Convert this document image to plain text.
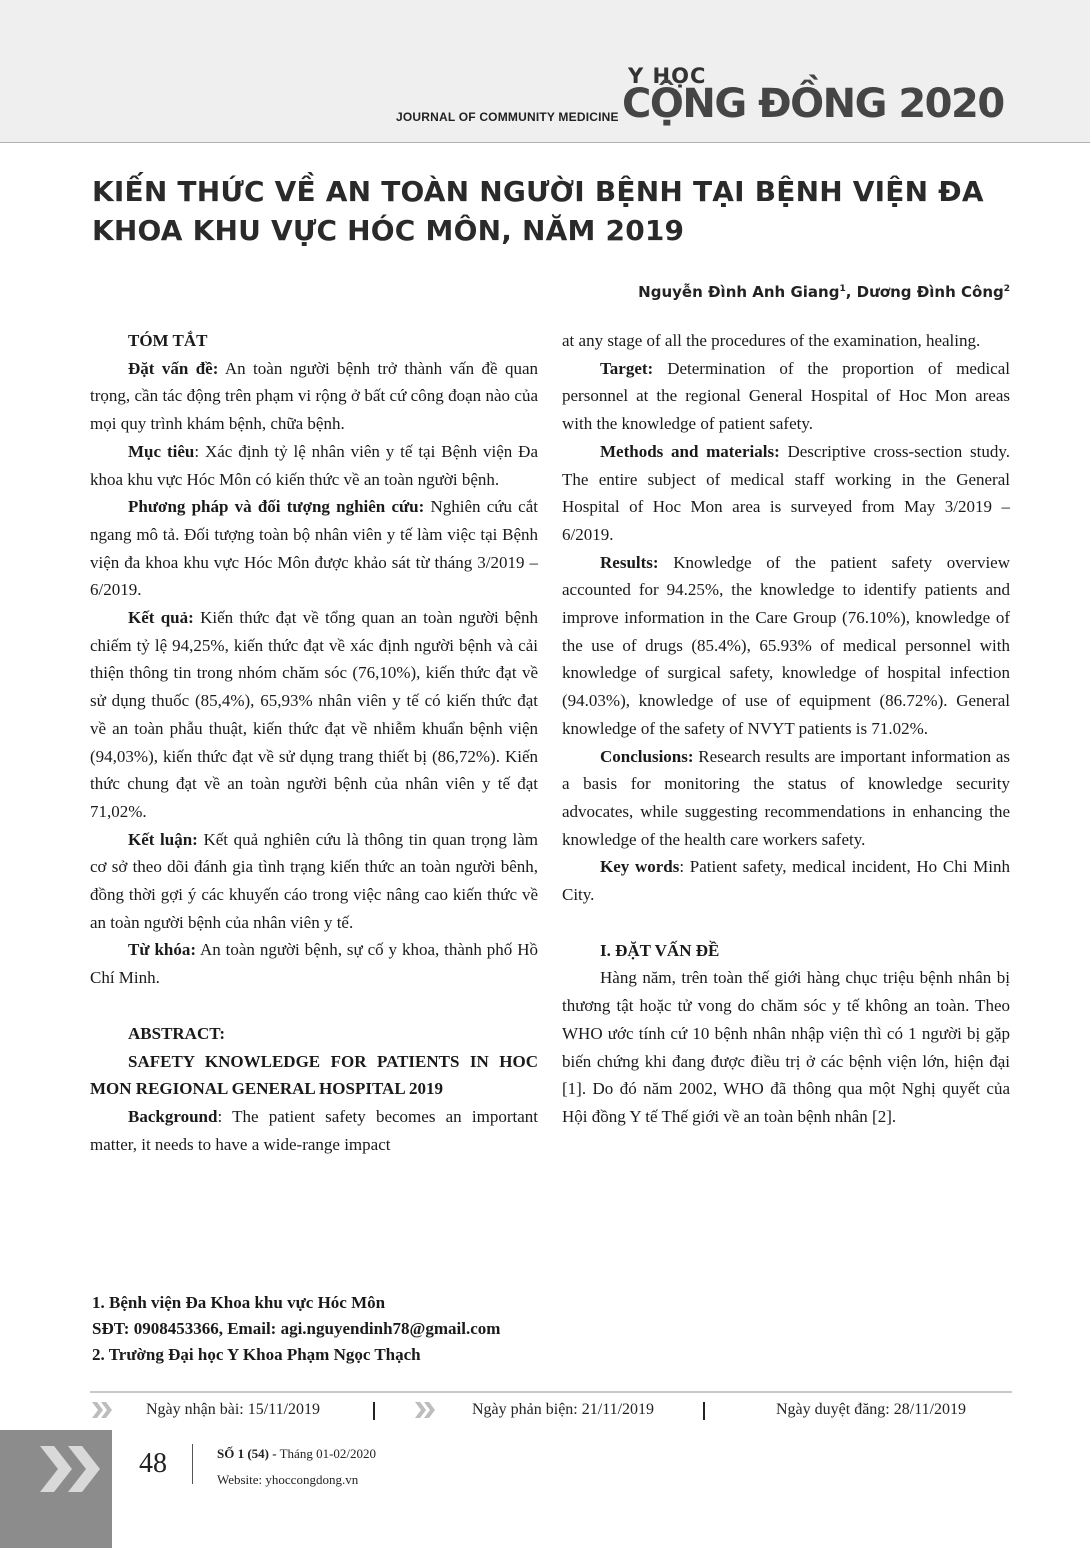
JOURNAL OF COMMUNITY MEDICINE
Y HỌC
CỘNG ĐỒNG 2020
KIẾN THỨC VỀ AN TOÀN NGƯỜI BỆNH TẠI BỆNH VIỆN ĐA KHOA KHU VỰC HÓC MÔN, NĂM 2019
Nguyễn Đình Anh Giang$^1$, Dương Đình Công$^2$

TÓM TẮT

Đặt vấn đề: An toàn người bệnh trở thành vấn đề quan trọng, cần tác động trên phạm vi rộng ở bất cứ công đoạn nào của mọi quy trình khám bệnh, chữa bệnh.

Mục tiêu: Xác định tỷ lệ nhân viên y tế tại Bệnh viện Đa khoa khu vực Hóc Môn có kiến thức về an toàn người bệnh.

Phương pháp và đối tượng nghiên cứu: Nghiên cứu cắt ngang mô tả. Đối tượng toàn bộ nhân viên y tế làm việc tại Bệnh viện đa khoa khu vực Hóc Môn được khảo sát từ tháng 3/2019 – 6/2019.

Kết quả: Kiến thức đạt về tổng quan an toàn người bệnh chiếm tỷ lệ 94,25%, kiến thức đạt về xác định người bệnh và cải thiện thông tin trong nhóm chăm sóc (76,10%), kiến thức đạt về sử dụng thuốc (85,4%), 65,93% nhân viên y tế có kiến thức đạt về an toàn phẫu thuật, kiến thức đạt về nhiễm khuẩn bệnh viện (94,03%), kiến thức đạt về sử dụng trang thiết bị (86,72%). Kiến thức chung đạt về an toàn người bệnh của nhân viên y tế đạt 71,02%.

Kết luận: Kết quả nghiên cứu là thông tin quan trọng làm cơ sở theo dõi đánh gia tình trạng kiến thức an toàn người bênh, đồng thời gợi ý các khuyến cáo trong việc nâng cao kiến thức về an toàn người bệnh của nhân viên y tế.

Từ khóa: An toàn người bệnh, sự cố y khoa, thành phố Hồ Chí Minh.

ABSTRACT:

SAFETY KNOWLEDGE FOR PATIENTS IN HOC MON REGIONAL GENERAL HOSPITAL 2019

Background: The patient safety becomes an important matter, it needs to have a wide-range impact

at any stage of all the procedures of the examination, healing.

Target: Determination of the proportion of medical personnel at the regional General Hospital of Hoc Mon areas with the knowledge of patient safety.

Methods and materials: Descriptive cross-section study. The entire subject of medical staff working in the General Hospital of Hoc Mon area is surveyed from May 3/2019 – 6/2019.

Results: Knowledge of the patient safety overview accounted for 94.25%, the knowledge to identify patients and improve information in the Care Group (76.10%), knowledge of the use of drugs (85.4%), 65.93% of medical personnel with knowledge of surgical safety, knowledge of hospital infection (94.03%), knowledge of use of equipment (86.72%). General knowledge of the safety of NVYT patients is 71.02%.

Conclusions: Research results are important information as a basis for monitoring the status of knowledge security advocates, while suggesting recommendations in enhancing the knowledge of the health care workers safety.

Key words: Patient safety, medical incident, Ho Chi Minh City.

I. ĐẶT VẤN ĐỀ

Hàng năm, trên toàn thế giới hàng chục triệu bệnh nhân bị thương tật hoặc tử vong do chăm sóc y tế không an toàn. Theo WHO ước tính cứ 10 bệnh nhân nhập viện thì có 1 người bị gặp biến chứng khi đang được điều trị ở các bệnh viện lớn, hiện đại [1]. Do đó năm 2002, WHO đã thông qua một Nghị quyết của Hội đồng Y tế Thế giới về an toàn bệnh nhân [2].

1. Bệnh viện Đa Khoa khu vực Hóc Môn
SĐT: 0908453366, Email: agi.nguyendinh78@gmail.com
2. Trường Đại học Y Khoa Phạm Ngọc Thạch
Ngày nhận bài: 15/11/2019	Ngày phản biện: 21/11/2019	Ngày duyệt đăng: 28/11/2019
48	SỐ 1 (54) - Tháng 01-02/2020
Website: yhoccongdong.vn
